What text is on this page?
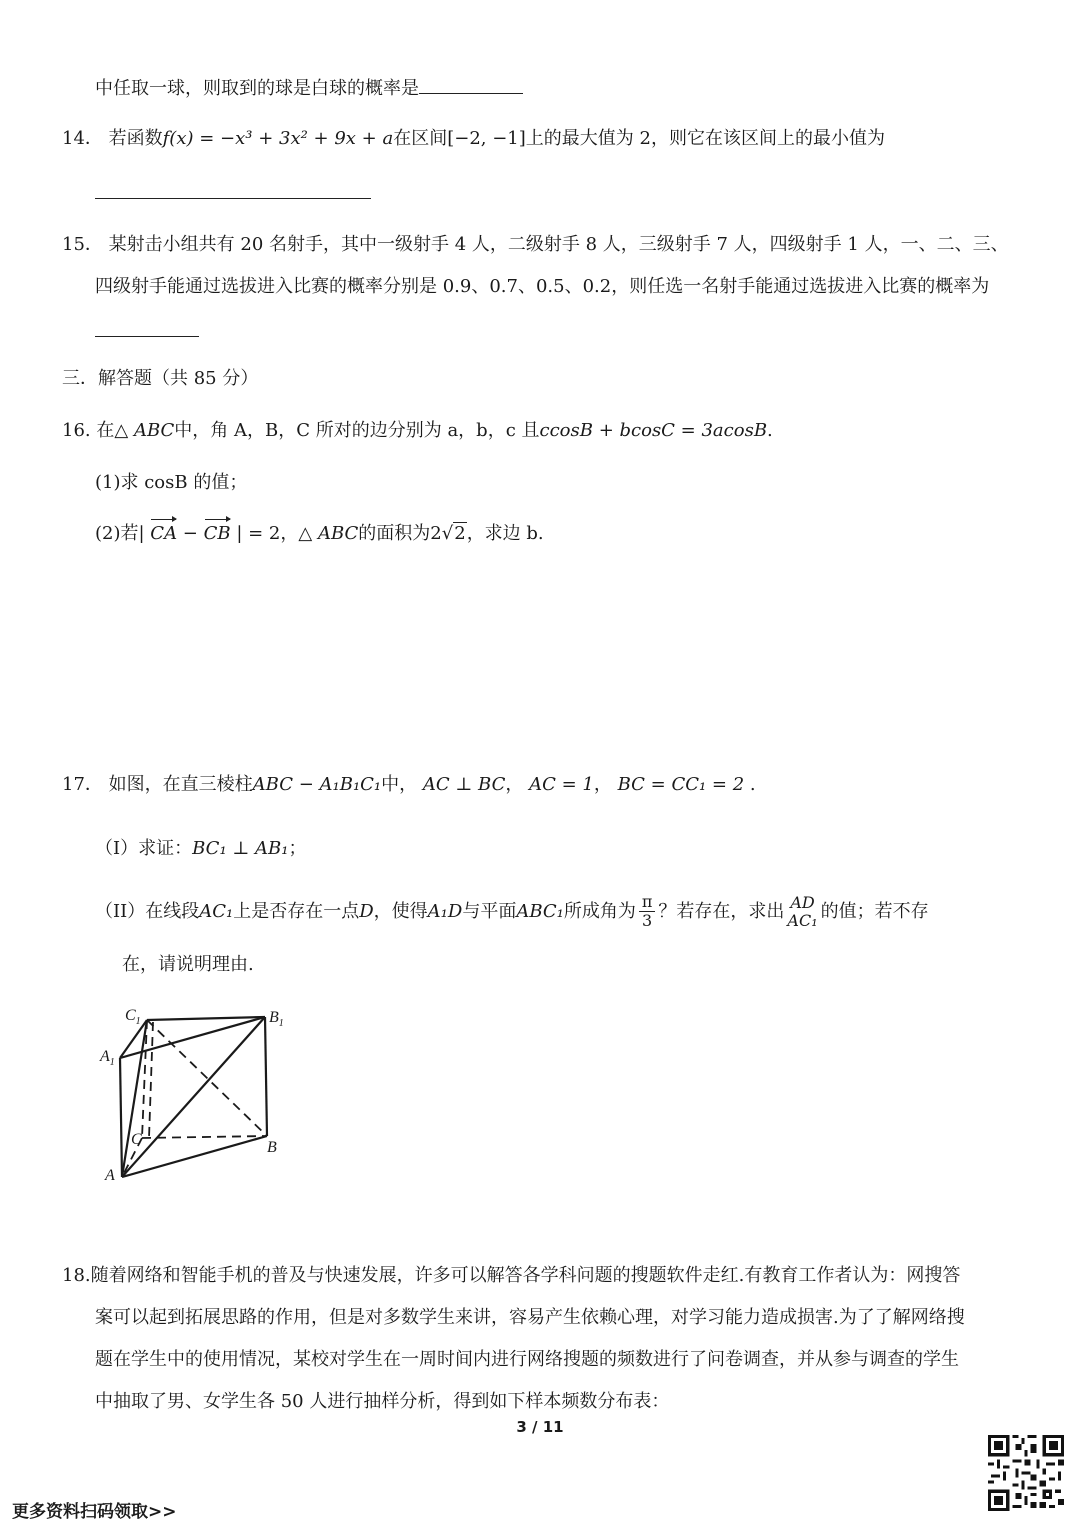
中任取一球，则取到的球是白球的概率是
14． 若函数f(x) = −x³ + 3x² + 9x + a在区间[−2, −1]上的最大值为 2，则它在该区间上的最小值为
15． 某射击小组共有 20 名射手，其中一级射手 4 人，二级射手 8 人，三级射手 7 人，四级射手 1 人，一、二、三、
四级射手能通过选拔进入比赛的概率分别是 0.9、0.7、0.5、0.2，则任选一名射手能通过选拔进入比赛的概率为
三．解答题（共 85 分）
16. 在△ ABC中，角 A，B，C 所对的边分别为 a，b，c 且ccosB + bcosC = 3acosB.
(1)求 cosB 的值；
(2)若| CA − CB | = 2，△ ABC的面积为2√2，求边 b.
17． 如图，在直三棱柱ABC − A₁B₁C₁中， AC ⊥ BC， AC = 1， BC = CC₁ = 2 .
（I）求证：BC₁ ⊥ AB₁；
（II）在线段AC₁上是否存在一点D，使得A₁D与平面ABC₁所成角为 $\frac{\pi}{3}$ ？若存在，求出 AD
AC₁ 的值；若不存
在，请说明理由.
$C_1$	$B_1$
$A_1$
C	B
A
18.随着网络和智能手机的普及与快速发展，许多可以解答各学科问题的搜题软件走红.有教育工作者认为：网搜答
案可以起到拓展思路的作用，但是对多数学生来讲，容易产生依赖心理，对学习能力造成损害.为了了解网络搜
题在学生中的使用情况，某校对学生在一周时间内进行网络搜题的频数进行了问卷调查，并从参与调查的学生
中抽取了男、女学生各 50 人进行抽样分析，得到如下样本频数分布表：
3 / 11
更多资料扫码领取>>
